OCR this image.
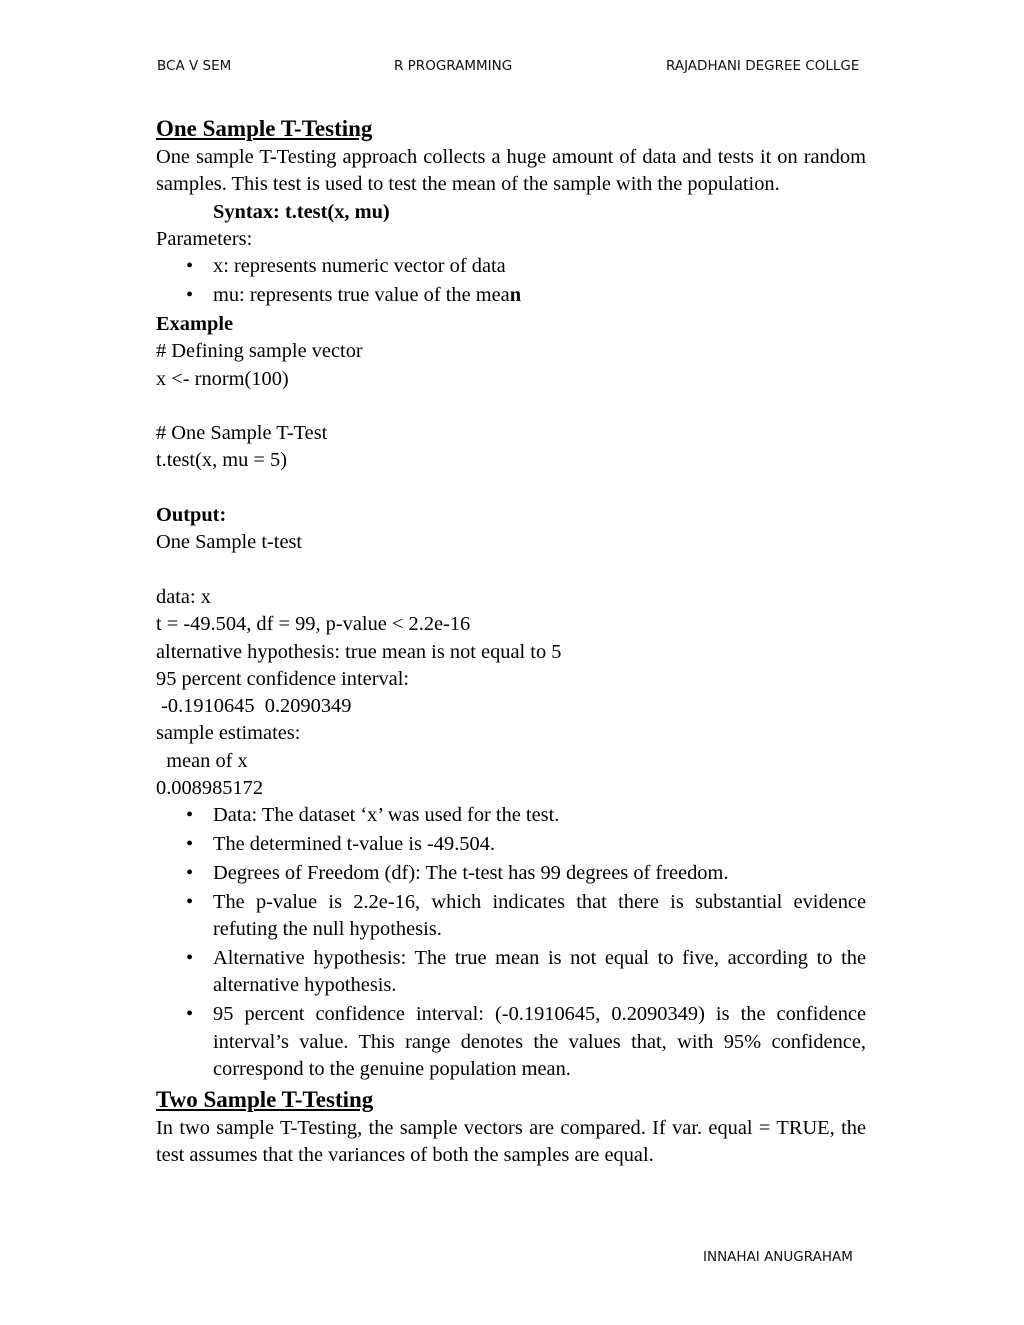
BCA V SEM	R PROGRAMMING	RAJADHANI DEGREE COLLGE

One Sample T-Testing

One sample T-Testing approach collects a huge amount of data and tests it on random samples. This test is used to test the mean of the sample with the population.

Syntax: t.test(x, mu)

Parameters:

• x: represents numeric vector of data
• mu: represents true value of the mean

Example

# Defining sample vector

x <- rnorm(100)

# One Sample T-Test

t.test(x, mu = 5)

Output:

One Sample t-test

data: x

t = -49.504, df = 99, p-value < 2.2e-16

alternative hypothesis: true mean is not equal to 5

95 percent confidence interval:

-0.1910645  0.2090349

sample estimates:

mean of x

0.008985172

• Data: The dataset ‘x’ was used for the test.
• The determined t-value is -49.504.
• Degrees of Freedom (df): The t-test has 99 degrees of freedom.
• The p-value is 2.2e-16, which indicates that there is substantial evidence refuting the null hypothesis.
• Alternative hypothesis: The true mean is not equal to five, according to the alternative hypothesis.
• 95 percent confidence interval: (-0.1910645, 0.2090349) is the confidence interval’s value. This range denotes the values that, with 95% confidence, correspond to the genuine population mean.

Two Sample T-Testing

In two sample T-Testing, the sample vectors are compared. If var. equal = TRUE, the test assumes that the variances of both the samples are equal.

INNAHAI ANUGRAHAM
